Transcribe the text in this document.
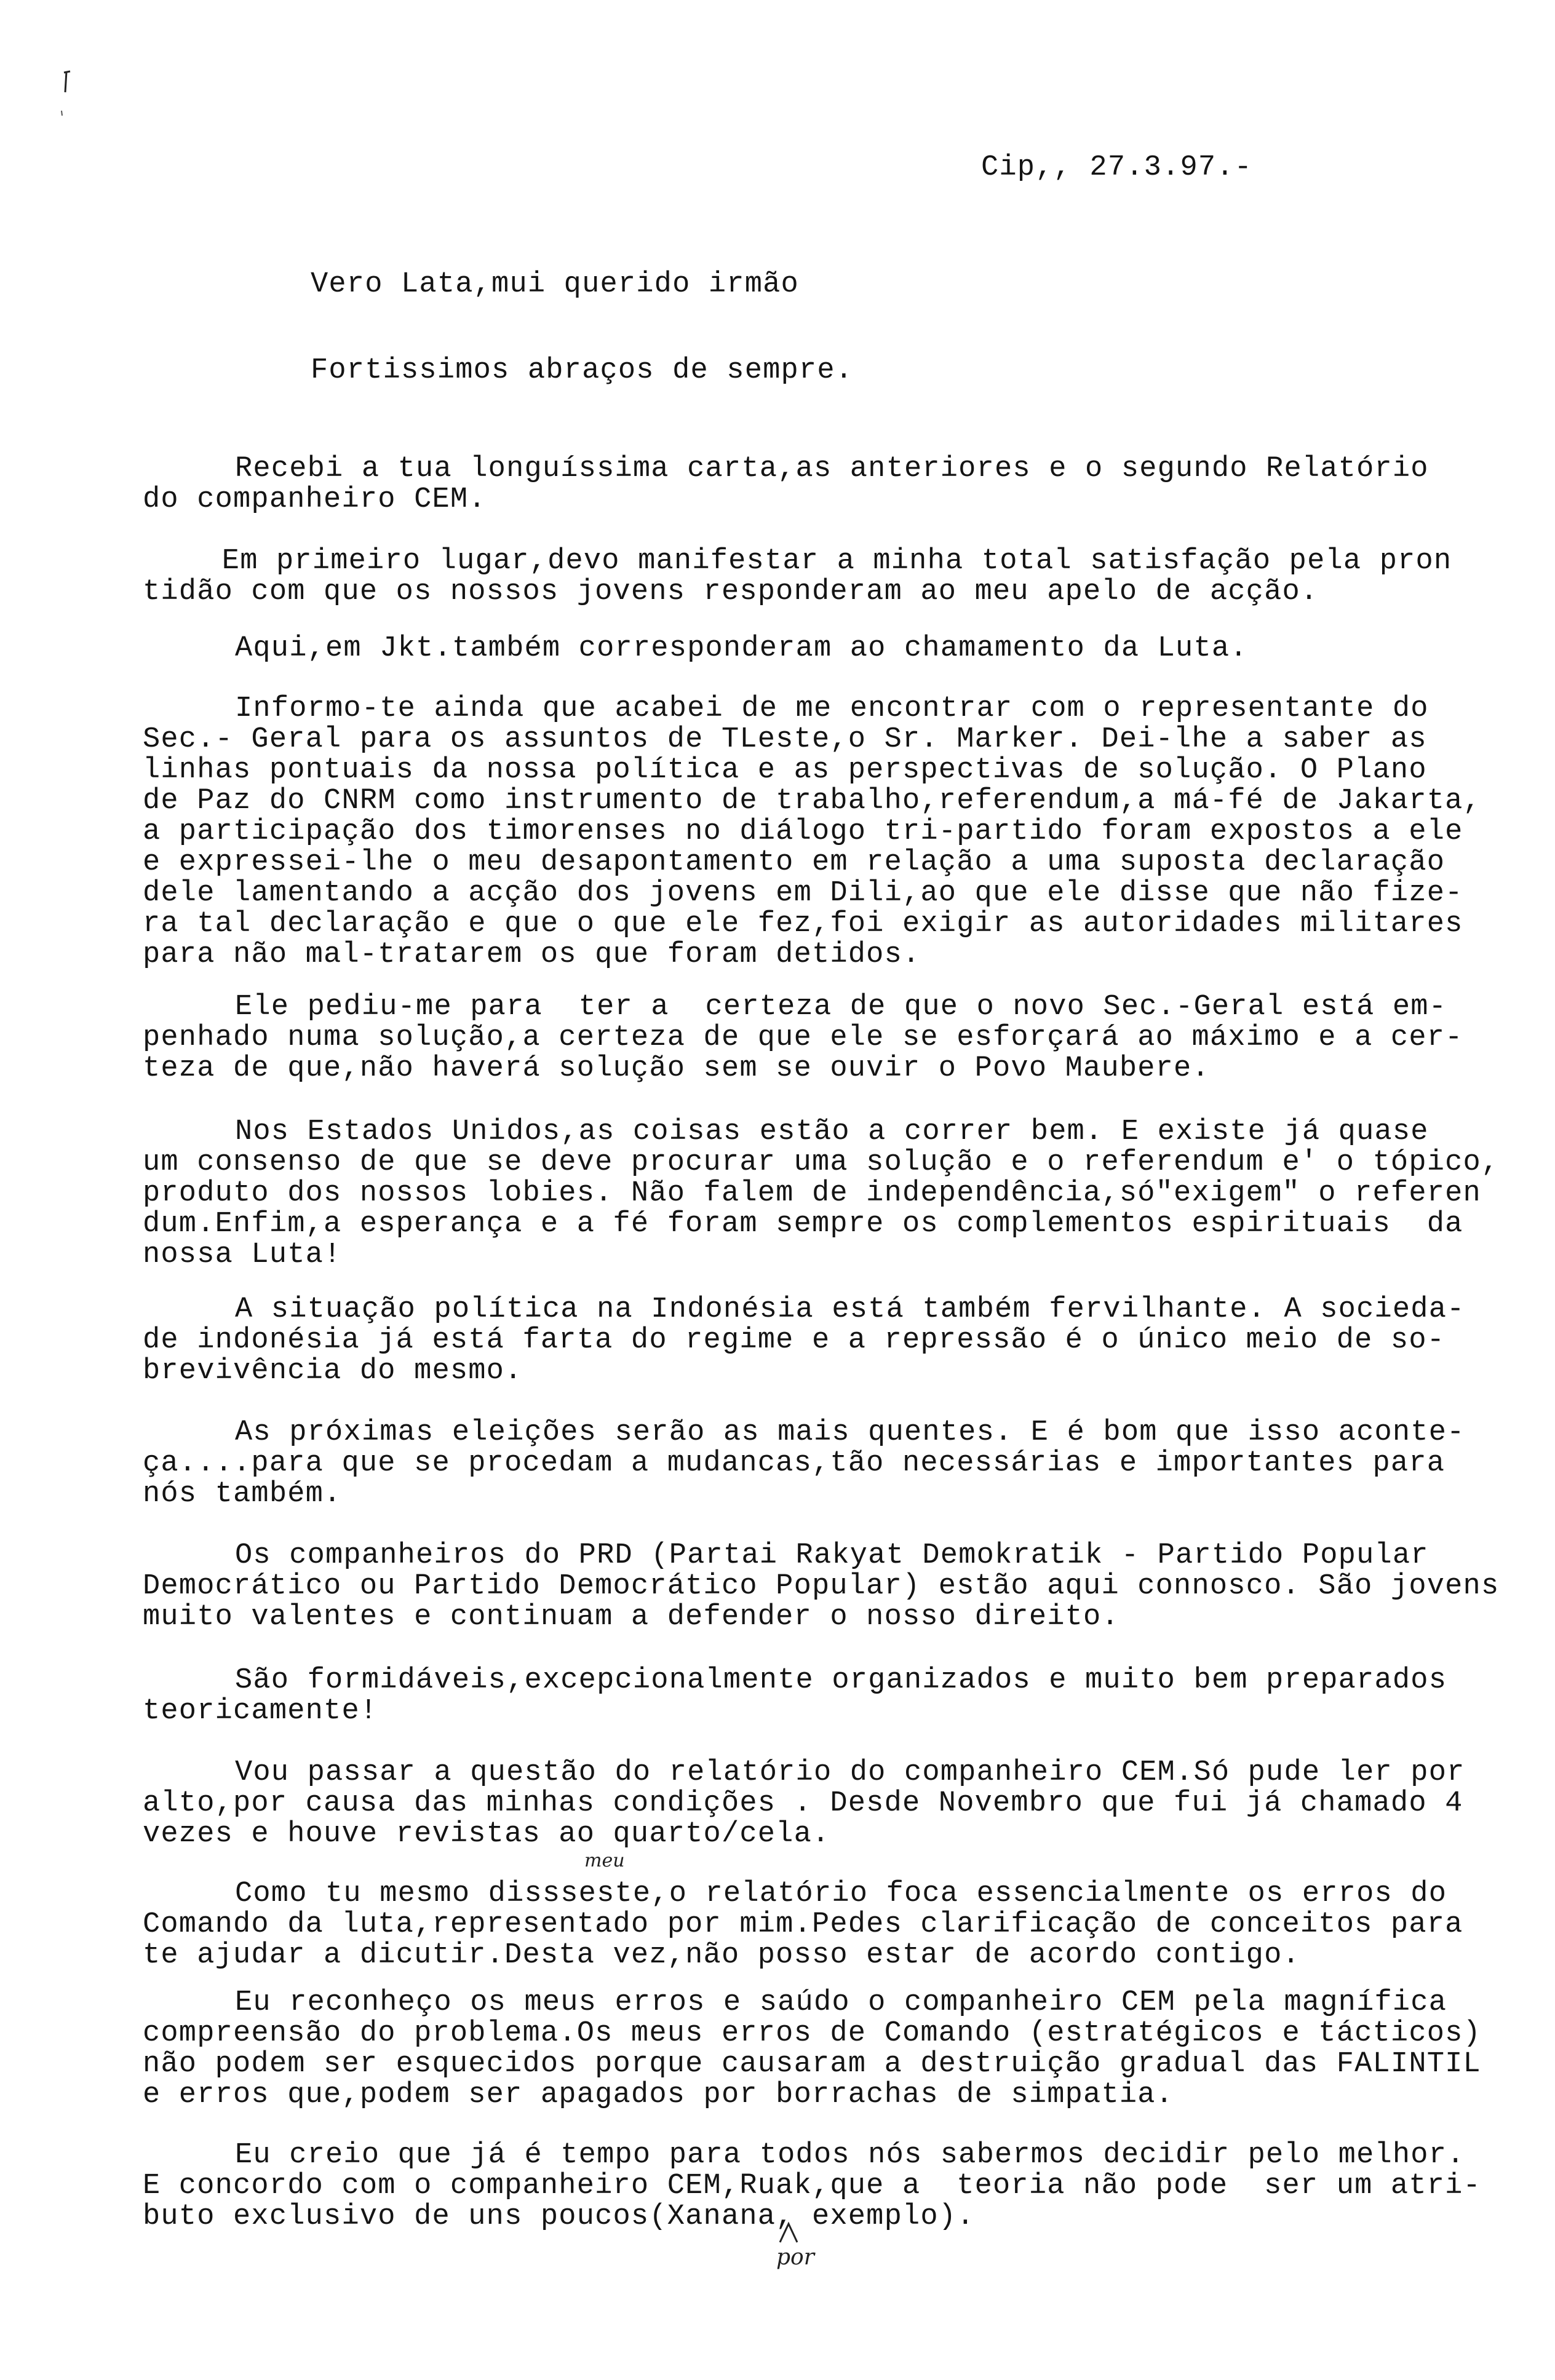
Cip,, 27.3.97.-

Vero Lata,mui querido irmão

Fortissimos abraços de sempre.

Recebi a tua longuíssima carta,as anteriores e o segundo Relatório
do companheiro CEM.
Em primeiro lugar,devo manifestar a minha total satisfação pela pron
tidão com que os nossos jovens responderam ao meu apelo de acção.
Aqui,em Jkt.também corresponderam ao chamamento da Luta.
Informo-te ainda que acabei de me encontrar com o representante do
Sec.- Geral para os assuntos de TLeste,o Sr. Marker. Dei-lhe a saber as
linhas pontuais da nossa política e as perspectivas de solução. O Plano
de Paz do CNRM como instrumento de trabalho,referendum,a má-fé de Jakarta,
a participação dos timorenses no diálogo tri-partido foram expostos a ele
e expressei-lhe o meu desapontamento em relação a uma suposta declaração
dele lamentando a acção dos jovens em Dili,ao que ele disse que não fize-
ra tal declaração e que o que ele fez,foi exigir as autoridades militares
para não mal-tratarem os que foram detidos.
Ele pediu-me para  ter a  certeza de que o novo Sec.-Geral está em-
penhado numa solução,a certeza de que ele se esforçará ao máximo e a cer-
teza de que,não haverá solução sem se ouvir o Povo Maubere.
Nos Estados Unidos,as coisas estão a correr bem. E existe já quase
um consenso de que se deve procurar uma solução e o referendum e' o tópico,
produto dos nossos lobies. Não falem de independência,só"exigem" o referen
dum.Enfim,a esperança e a fé foram sempre os complementos espirituais  da
nossa Luta!
A situação política na Indonésia está também fervilhante. A socieda-
de indonésia já está farta do regime e a repressão é o único meio de so-
brevivência do mesmo.
As próximas eleições serão as mais quentes. E é bom que isso aconte-
ça....para que se procedam a mudancas,tão necessárias e importantes para
nós também.
Os companheiros do PRD (Partai Rakyat Demokratik - Partido Popular
Democrático ou Partido Democrático Popular) estão aqui connosco. São jovens
muito valentes e continuam a defender o nosso direito.
São formidáveis,excepcionalmente organizados e muito bem preparados
teoricamente!
Vou passar a questão do relatório do companheiro CEM.Só pude ler por
alto,por causa das minhas condições . Desde Novembro que fui já chamado 4
vezes e houve revistas ao quarto/cela.
Como tu mesmo dissseste,o relatório foca essencialmente os erros do
Comando da luta,representado por mim.Pedes clarificação de conceitos para
te ajudar a dicutir.Desta vez,não posso estar de acordo contigo.
Eu reconheço os meus erros e saúdo o companheiro CEM pela magnífica
compreensão do problema.Os meus erros de Comando (estratégicos e tácticos)
não podem ser esquecidos porque causaram a destruição gradual das FALINTIL
e erros que,podem ser apagados por borrachas de simpatia.
Eu creio que já é tempo para todos nós sabermos decidir pelo melhor.
E concordo com o companheiro CEM,Ruak,que a  teoria não pode  ser um atri-
buto exclusivo de uns poucos(Xanana, exemplo).

meu

por
